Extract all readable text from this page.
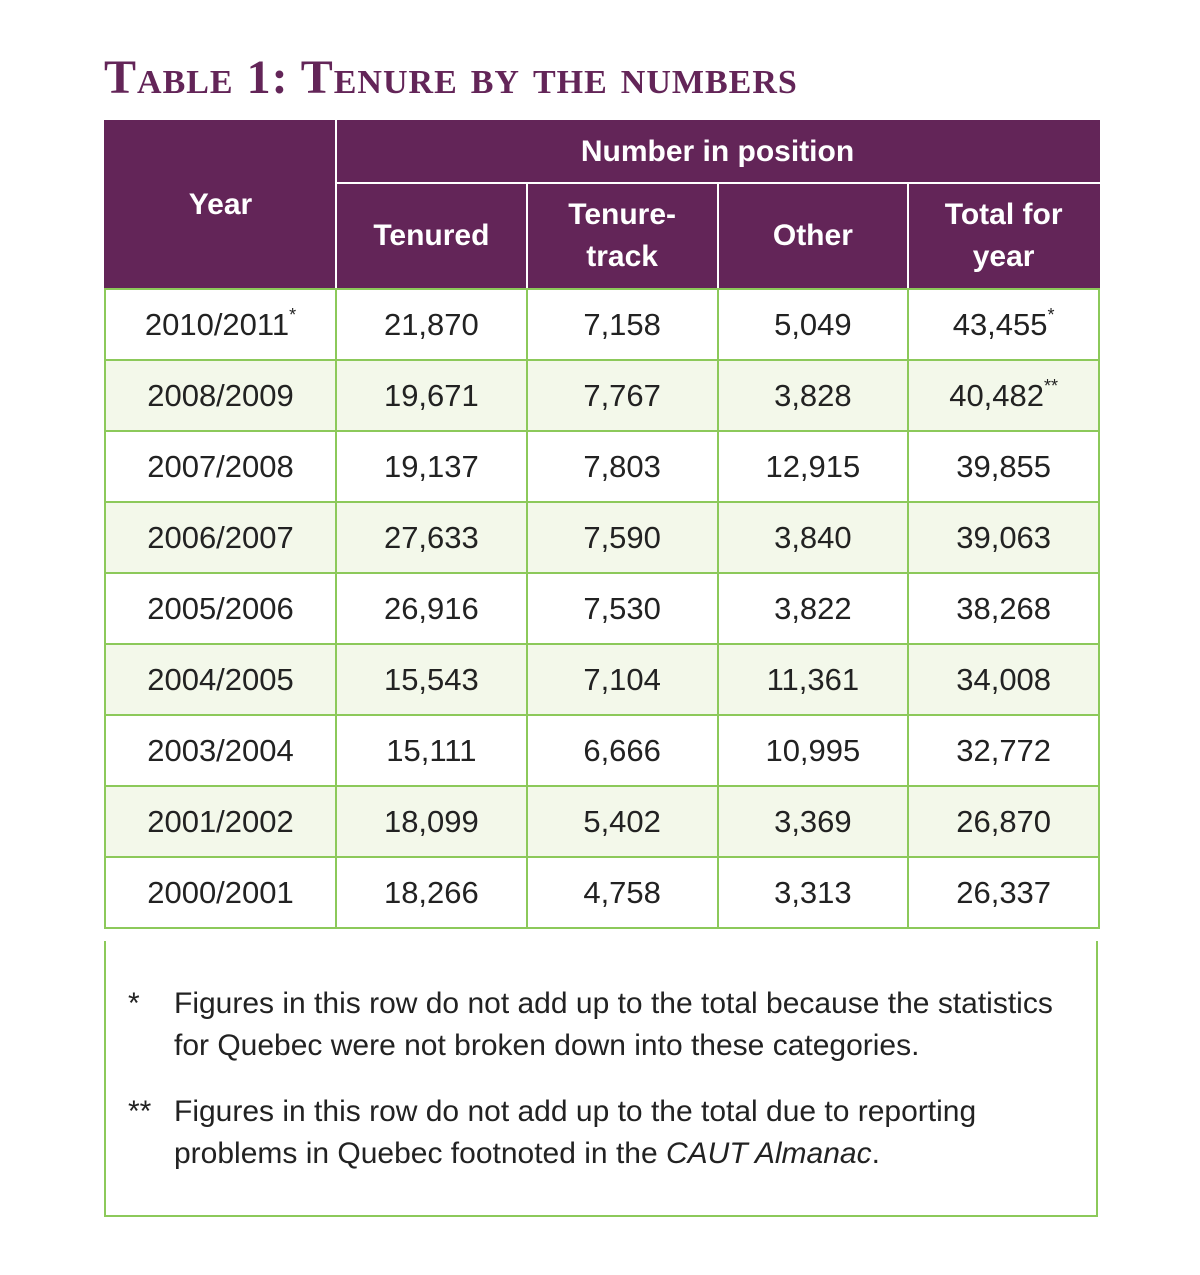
Table 1: Tenure by the numbers
Year	Number in position			
	Tenured	Tenure-track	Other	Total for year
2010/2011*	21,870	7,158	5,049	43,455*
2008/2009	19,671	7,767	3,828	40,482**
2007/2008	19,137	7,803	12,915	39,855
2006/2007	27,633	7,590	3,840	39,063
2005/2006	26,916	7,530	3,822	38,268
2004/2005	15,543	7,104	11,361	34,008
2003/2004	15,111	6,666	10,995	32,772
2001/2002	18,099	5,402	3,369	26,870
2000/2001	18,266	4,758	3,313	26,337
* Figures in this row do not add up to the total because the statistics for Quebec were not broken down into these categories.
** Figures in this row do not add up to the total due to reporting problems in Quebec footnoted in the CAUT Almanac.
